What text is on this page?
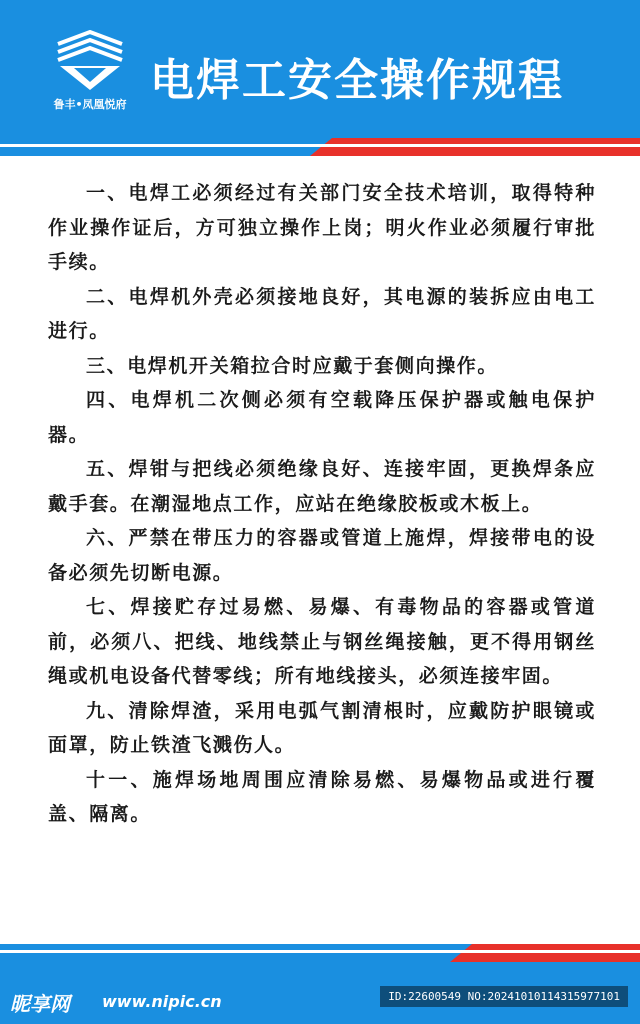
鲁丰•凤凰悦府 电焊工安全操作规程

一、电焊工必须经过有关部门安全技术培训，取得特种作业操作证后，方可独立操作上岗；明火作业必须履行审批手续。

二、电焊机外壳必须接地良好，其电源的装拆应由电工进行。

三、电焊机开关箱拉合时应戴于套侧向操作。

四、电焊机二次侧必须有空载降压保护器或触电保护器。

五、焊钳与把线必须绝缘良好、连接牢固，更换焊条应戴手套。在潮湿地点工作，应站在绝缘胶板或木板上。

六、严禁在带压力的容器或管道上施焊，焊接带电的设备必须先切断电源。

七、焊接贮存过易燃、易爆、有毒物品的容器或管道前，必须八、把线、地线禁止与钢丝绳接触，更不得用钢丝绳或机电设备代替零线；所有地线接头，必须连接牢固。

九、清除焊渣，采用电弧气割清根时，应戴防护眼镜或面罩，防止铁渣飞溅伤人。

十一、施焊场地周围应清除易燃、易爆物品或进行覆盖、隔离。

昵享网 www.nipic.cn	ID:22600549 NO:20241010114315977101
